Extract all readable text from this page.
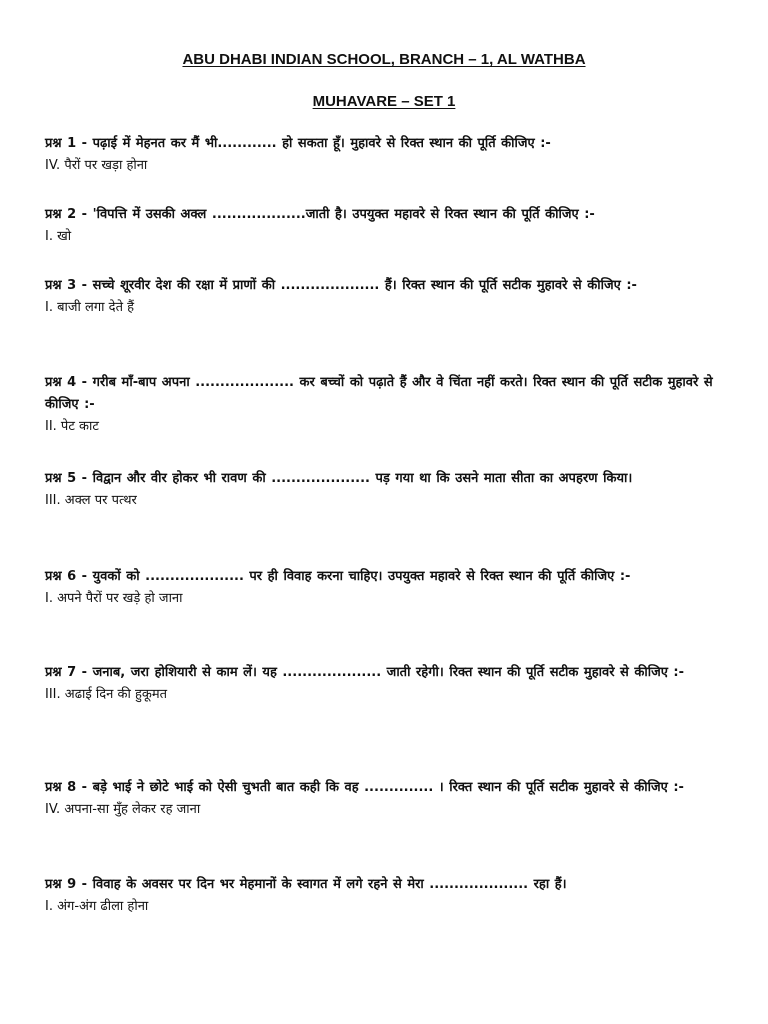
ABU DHABI INDIAN SCHOOL, BRANCH – 1, AL WATHBA
MUHAVARE – SET 1

प्रश्न 1 - पढ़ाई में मेहनत कर मैं भी............ हो सकता हूँ। मुहावरे से रिक्त स्थान की पूर्ति कीजिए :-

IV. पैरों पर खड़ा होना

प्रश्न 2 - 'विपत्ति में उसकी अक्ल ...................जाती है। उपयुक्त महावरे से रिक्त स्थान की पूर्ति कीजिए :-

I. खो

प्रश्न 3 - सच्चे शूरवीर देश की रक्षा में प्राणों की .................... हैं। रिक्त स्थान की पूर्ति सटीक मुहावरे से कीजिए :-

I. बाजी लगा देते हैं

प्रश्न 4 - गरीब माँ-बाप अपना .................... कर बच्चों को पढ़ाते हैं और वे चिंता नहीं करते। रिक्त स्थान की पूर्ति सटीक मुहावरे से कीजिए :-

II. पेट काट

प्रश्न 5 - विद्वान और वीर होकर भी रावण की .................... पड़ गया था कि उसने माता सीता का अपहरण किया।

III. अक्ल पर पत्थर

प्रश्न 6 - युवकों को .................... पर ही विवाह करना चाहिए। उपयुक्त महावरे से रिक्त स्थान की पूर्ति कीजिए :-

I. अपने पैरों पर खड़े हो जाना

प्रश्न 7 - जनाब, जरा होशियारी से काम लें। यह .................... जाती रहेगी। रिक्त स्थान की पूर्ति सटीक मुहावरे से कीजिए :-

III. अढाई दिन की हुकूमत

प्रश्न 8 - बड़े भाई ने छोटे भाई को ऐसी चुभती बात कही कि वह .............. । रिक्त स्थान की पूर्ति सटीक मुहावरे से कीजिए :-

IV. अपना-सा मुँह लेकर रह जाना

प्रश्न 9 - विवाह के अवसर पर दिन भर मेहमानों के स्वागत में लगे रहने से मेरा .................... रहा हैं।

I. अंग-अंग ढीला होना
